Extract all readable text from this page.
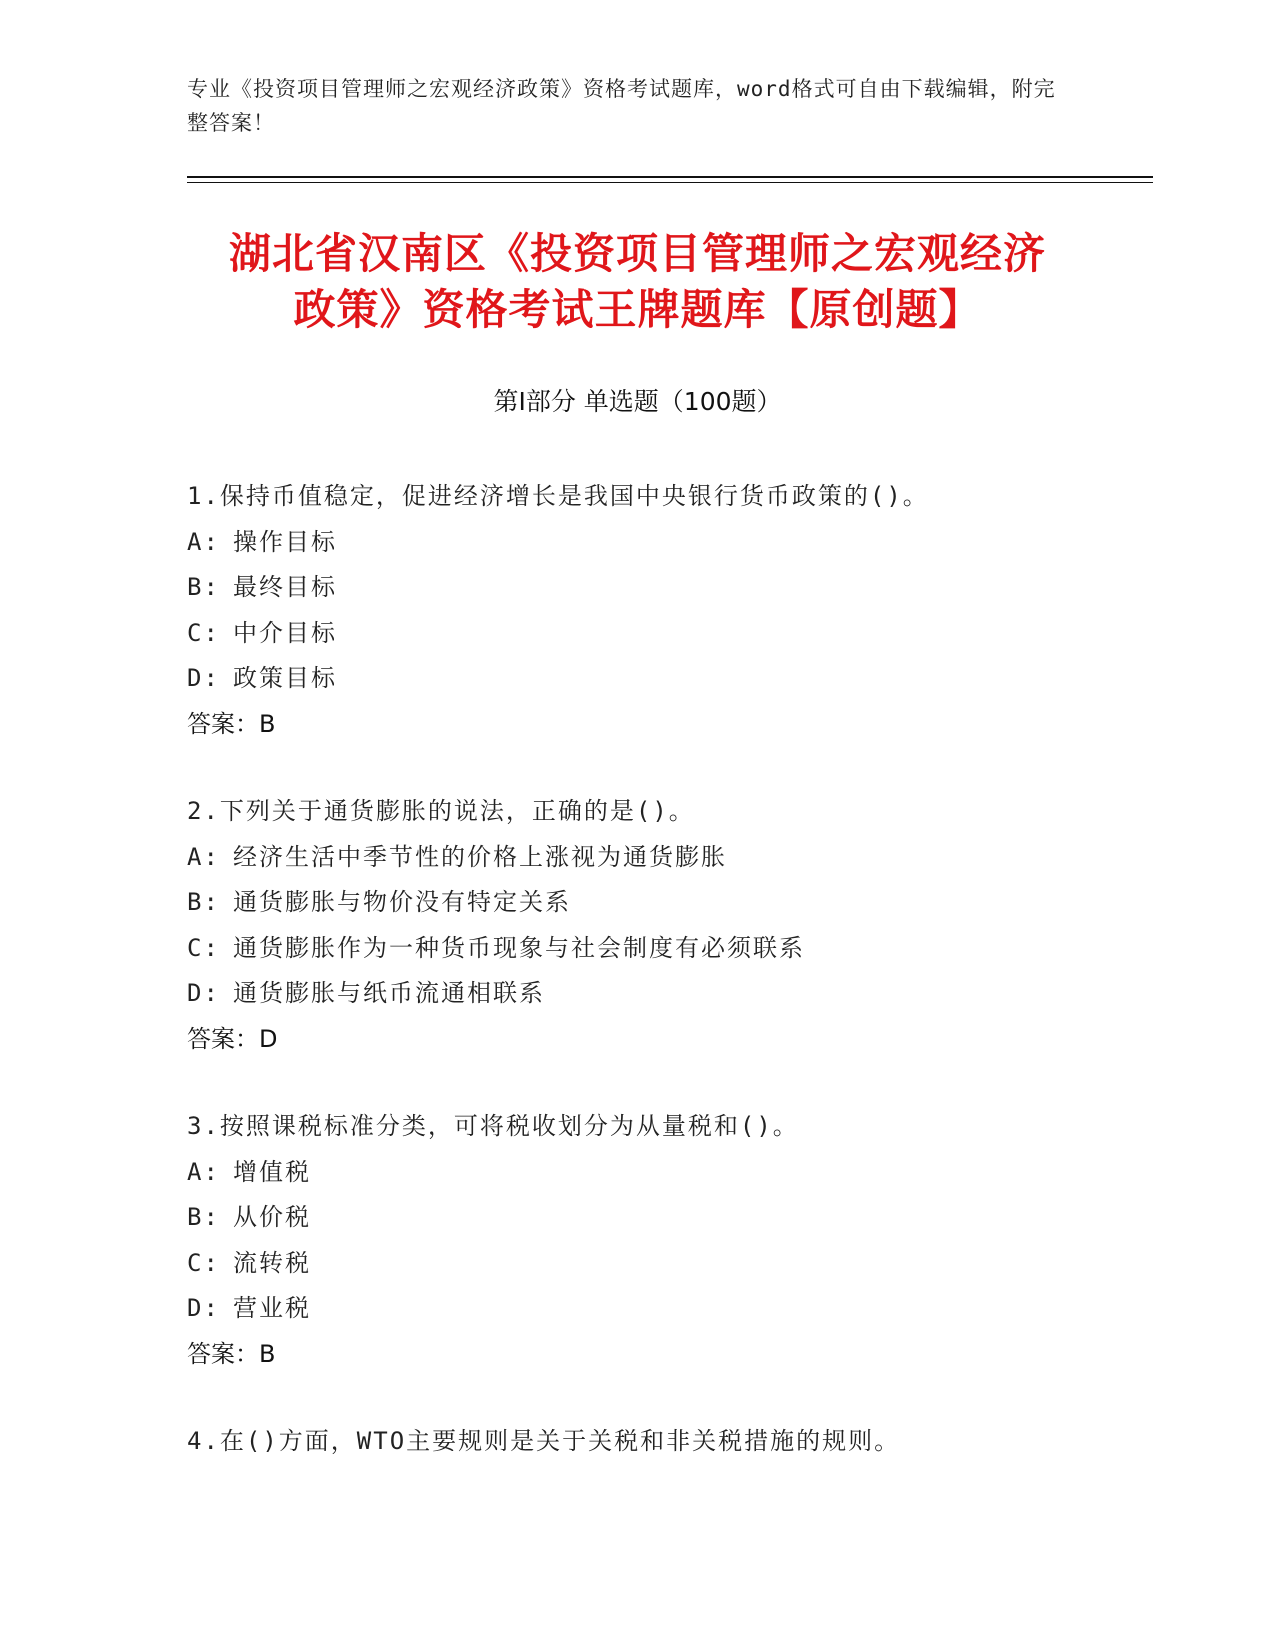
专业《投资项目管理师之宏观经济政策》资格考试题库，word格式可自由下载编辑，附完整答案！
湖北省汉南区《投资项目管理师之宏观经济
政策》资格考试王牌题库【原创题】
第Ⅰ部分 单选题（100题）
1.保持币值稳定，促进经济增长是我国中央银行货币政策的()。
A: 操作目标
B: 最终目标
C: 中介目标
D: 政策目标
答案：B
2.下列关于通货膨胀的说法，正确的是()。
A: 经济生活中季节性的价格上涨视为通货膨胀
B: 通货膨胀与物价没有特定关系
C: 通货膨胀作为一种货币现象与社会制度有必须联系
D: 通货膨胀与纸币流通相联系
答案：D
3.按照课税标准分类，可将税收划分为从量税和()。
A: 增值税
B: 从价税
C: 流转税
D: 营业税
答案：B
4.在()方面，WTO主要规则是关于关税和非关税措施的规则。
